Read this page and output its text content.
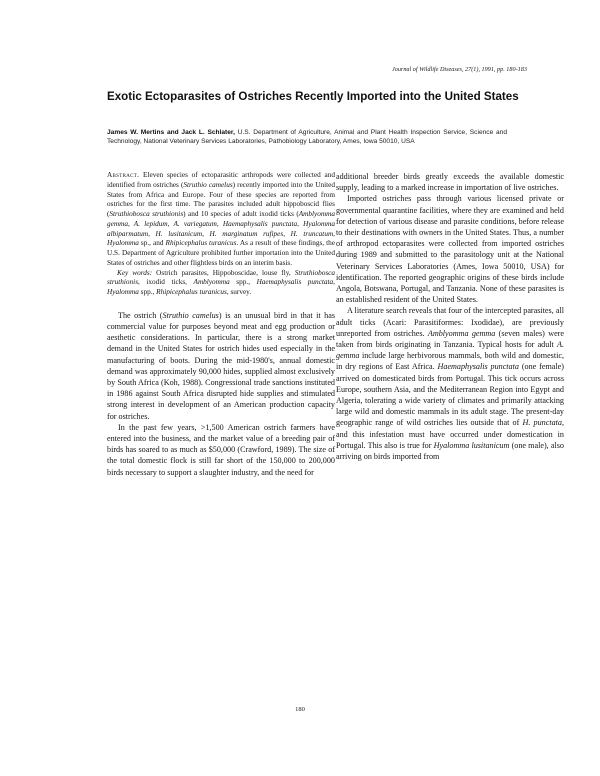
Journal of Wildlife Diseases, 27(1), 1991, pp. 180-183
Exotic Ectoparasites of Ostriches Recently Imported into the United States
James W. Mertins and Jack L. Schlater, U.S. Department of Agriculture, Animal and Plant Health Inspection Service, Science and Technology, National Veterinary Services Laboratories, Pathobiology Laboratory, Ames, Iowa 50010, USA

Abstract. Eleven species of ectoparasitic arthropods were collected and identified from ostriches (Struthio camelus) recently imported into the United States from Africa and Europe. Four of these species are reported from ostriches for the first time. The parasites included adult hippoboscid flies (Struthiobosca struthionis) and 10 species of adult ixodid ticks (Amblyomma gemma, A. lepidum, A. variegatum, Haemaphysalis punctata, Hyalomma albiparmatum, H. lusitanicum, H. marginatum rufipes, H. truncatum, Hyalomma sp., and Rhipicephalus turanicus. As a result of these findings, the U.S. Department of Agriculture prohibited further importation into the United States of ostriches and other flightless birds on an interim basis.

Key words: Ostrich parasites, Hippoboscidae, louse fly, Struthiobosca struthionis, ixodid ticks, Amblyomma spp., Haemaphysalis punctata, Hyalomma spp., Rhipicephalus turanicus, survey.

The ostrich (Struthio camelus) is an unusual bird in that it has commercial value for purposes beyond meat and egg production or aesthetic considerations. In particular, there is a strong market demand in the United States for ostrich hides used especially in the manufacturing of boots. During the mid-1980's, annual domestic demand was approximately 90,000 hides, supplied almost exclusively by South Africa (Koh, 1988). Congressional trade sanctions instituted in 1986 against South Africa disrupted hide supplies and stimulated strong interest in development of an American production capacity for ostriches.

In the past few years, >1,500 American ostrich farmers have entered into the business, and the market value of a breeding pair of birds has soared to as much as $50,000 (Crawford, 1989). The size of the total domestic flock is still far short of the 150,000 to 200,000 birds necessary to support a slaughter industry, and the need for

additional breeder birds greatly exceeds the available domestic supply, leading to a marked increase in importation of live ostriches.

Imported ostriches pass through various licensed private or governmental quarantine facilities, where they are examined and held for detection of various disease and parasite conditions, before release to their destinations with owners in the United States. Thus, a number of arthropod ectoparasites were collected from imported ostriches during 1989 and submitted to the parasitology unit at the National Veterinary Services Laboratories (Ames, Iowa 50010, USA) for identification. The reported geographic origins of these birds include Angola, Botswana, Portugal, and Tanzania. None of these parasites is an established resident of the United States.

A literature search reveals that four of the intercepted parasites, all adult ticks (Acari: Parasitiformes: Ixodidae), are previously unreported from ostriches. Amblyomma gemma (seven males) were taken from birds originating in Tanzania. Typical hosts for adult A. gemma include large herbivorous mammals, both wild and domestic, in dry regions of East Africa. Haemaphysalis punctata (one female) arrived on domesticated birds from Portugal. This tick occurs across Europe, southern Asia, and the Mediterranean Region into Egypt and Algeria, tolerating a wide variety of climates and primarily attacking large wild and domestic mammals in its adult stage. The present-day geographic range of wild ostriches lies outside that of H. punctata, and this infestation must have occurred under domestication in Portugal. This also is true for Hyalomma lusitanicum (one male), also arriving on birds imported from

180
